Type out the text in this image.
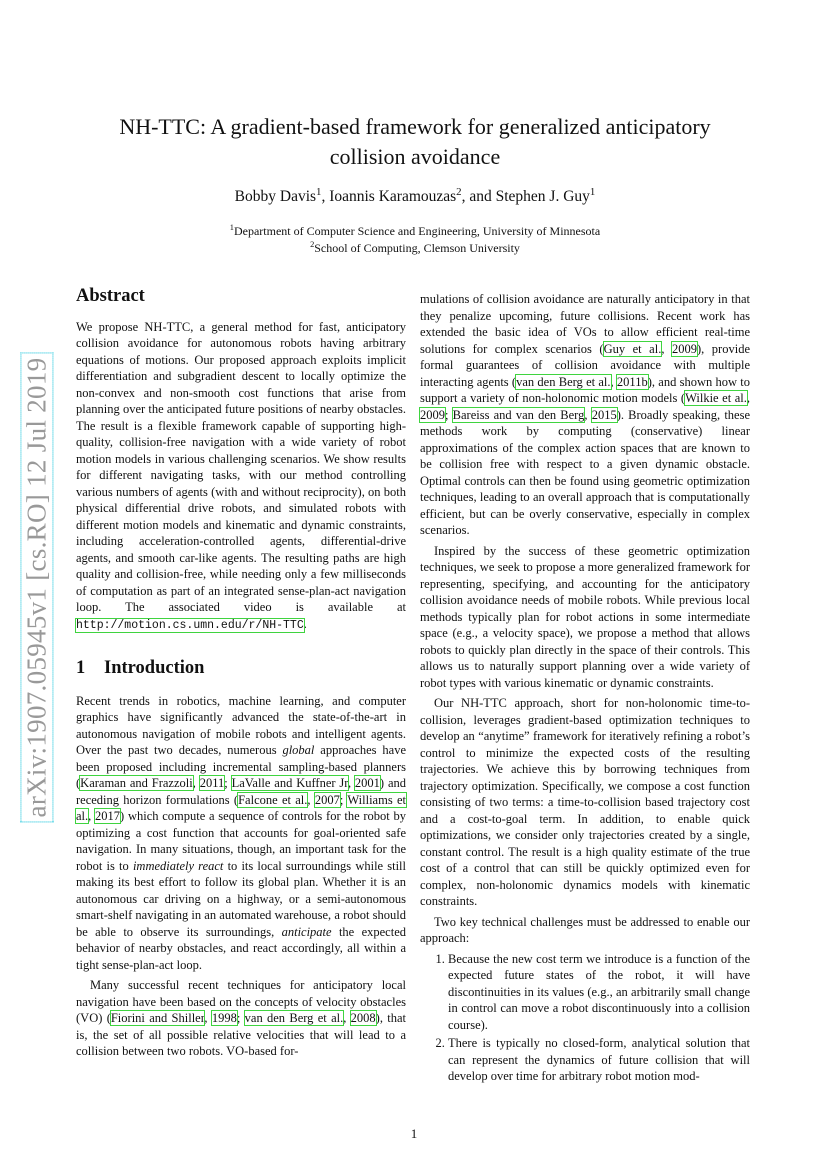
arXiv:1907.05945v1 [cs.RO] 12 Jul 2019
NH-TTC: A gradient-based framework for generalized anticipatory
collision avoidance
Bobby Davis$^1$, Ioannis Karamouzas$^2$, and Stephen J. Guy$^1$
$^1$Department of Computer Science and Engineering, University of Minnesota
$^2$School of Computing, Clemson University
Abstract

We propose NH-TTC, a general method for fast, anticipatory collision avoidance for autonomous robots having arbitrary equations of motions. Our proposed approach exploits implicit differentiation and subgradient descent to locally optimize the non-convex and non-smooth cost functions that arise from planning over the anticipated future positions of nearby obstacles. The result is a flexible framework capable of supporting high-quality, collision-free navigation with a wide variety of robot motion models in various challenging scenarios. We show results for different navigating tasks, with our method controlling various numbers of agents (with and without reciprocity), on both physical differential drive robots, and simulated robots with different motion models and kinematic and dynamic constraints, including acceleration-controlled agents, differential-drive agents, and smooth car-like agents. The resulting paths are high quality and collision-free, while needing only a few milliseconds of computation as part of an integrated sense-plan-act navigation loop. The associated video is available at http://motion.cs.umn.edu/r/NH-TTC.

1 Introduction

Recent trends in robotics, machine learning, and computer graphics have significantly advanced the state-of-the-art in autonomous navigation of mobile robots and intelligent agents. Over the past two decades, numerous global approaches have been proposed including incremental sampling-based planners (Karaman and Frazzoli, 2011; LaValle and Kuffner Jr, 2001) and receding horizon formulations (Falcone et al., 2007; Williams et al., 2017) which compute a sequence of controls for the robot by optimizing a cost function that accounts for goal-oriented safe navigation. In many situations, though, an important task for the robot is to immediately react to its local surroundings while still making its best effort to follow its global plan. Whether it is an autonomous car driving on a highway, or a semi-autonomous smart-shelf navigating in an automated warehouse, a robot should be able to observe its surroundings, anticipate the expected behavior of nearby obstacles, and react accordingly, all within a tight sense-plan-act loop.

Many successful recent techniques for anticipatory local navigation have been based on the concepts of velocity obstacles (VO) (Fiorini and Shiller, 1998; van den Berg et al., 2008), that is, the set of all possible relative velocities that will lead to a collision between two robots. VO-based for-

mulations of collision avoidance are naturally anticipatory in that they penalize upcoming, future collisions. Recent work has extended the basic idea of VOs to allow efficient real-time solutions for complex scenarios (Guy et al., 2009), provide formal guarantees of collision avoidance with multiple interacting agents (van den Berg et al., 2011b), and shown how to support a variety of non-holonomic motion models (Wilkie et al., 2009; Bareiss and van den Berg, 2015). Broadly speaking, these methods work by computing (conservative) linear approximations of the complex action spaces that are known to be collision free with respect to a given dynamic obstacle. Optimal controls can then be found using geometric optimization techniques, leading to an overall approach that is computationally efficient, but can be overly conservative, especially in complex scenarios.

Inspired by the success of these geometric optimization techniques, we seek to propose a more generalized framework for representing, specifying, and accounting for the anticipatory collision avoidance needs of mobile robots. While previous local methods typically plan for robot actions in some intermediate space (e.g., a velocity space), we propose a method that allows robots to quickly plan directly in the space of their controls. This allows us to naturally support planning over a wide variety of robot types with various kinematic or dynamic constraints.

Our NH-TTC approach, short for non-holonomic time-to-collision, leverages gradient-based optimization techniques to develop an “anytime” framework for iteratively refining a robot’s control to minimize the expected costs of the resulting trajectories. We achieve this by borrowing techniques from trajectory optimization. Specifically, we compose a cost function consisting of two terms: a time-to-collision based trajectory cost and a cost-to-goal term. In addition, to enable quick optimizations, we consider only trajectories created by a single, constant control. The result is a high quality estimate of the true cost of a control that can still be quickly optimized even for complex, non-holonomic dynamics models with kinematic constraints.

Two key technical challenges must be addressed to enable our approach:

1. Because the new cost term we introduce is a function of the expected future states of the robot, it will have discontinuities in its values (e.g., an arbitrarily small change in control can move a robot discontinuously into a collision course).
2. There is typically no closed-form, analytical solution that can represent the dynamics of future collision that will develop over time for arbitrary robot motion mod-
1
